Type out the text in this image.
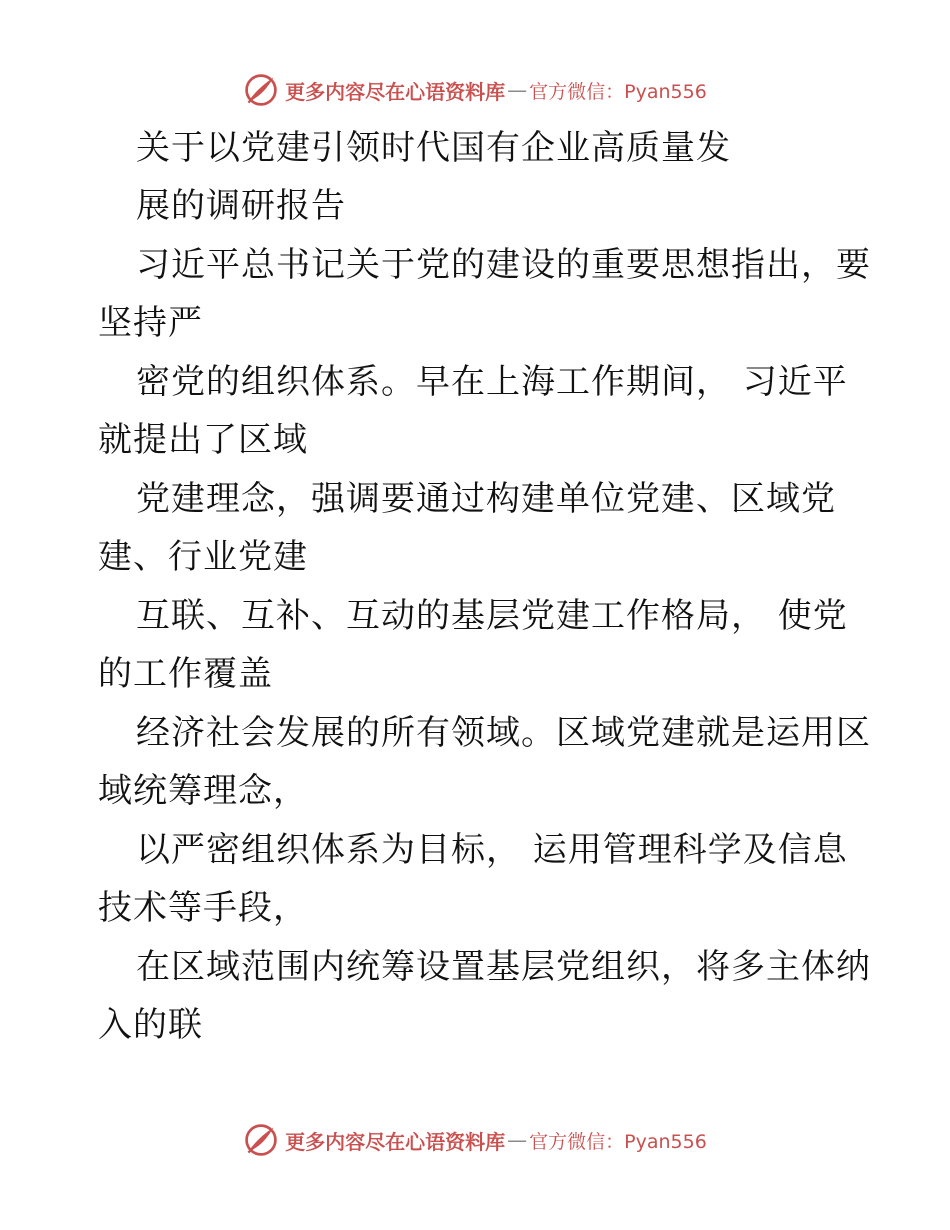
更多内容尽在心语资料库 — 官方微信：Pyan556
关于以党建引领时代国有企业高质量发
展的调研报告
习近平总书记关于党的建设的重要思想指出，要
坚持严
密党的组织体系。早在上海工作期间， 习近平
就提出了区域
党建理念，强调要通过构建单位党建、区域党
建、行业党建
互联、互补、互动的基层党建工作格局， 使党
的工作覆盖
经济社会发展的所有领域。区域党建就是运用区
域统筹理念，
以严密组织体系为目标， 运用管理科学及信息
技术等手段，
在区域范围内统筹设置基层党组织，将多主体纳
入的联
更多内容尽在心语资料库 — 官方微信：Pyan556
